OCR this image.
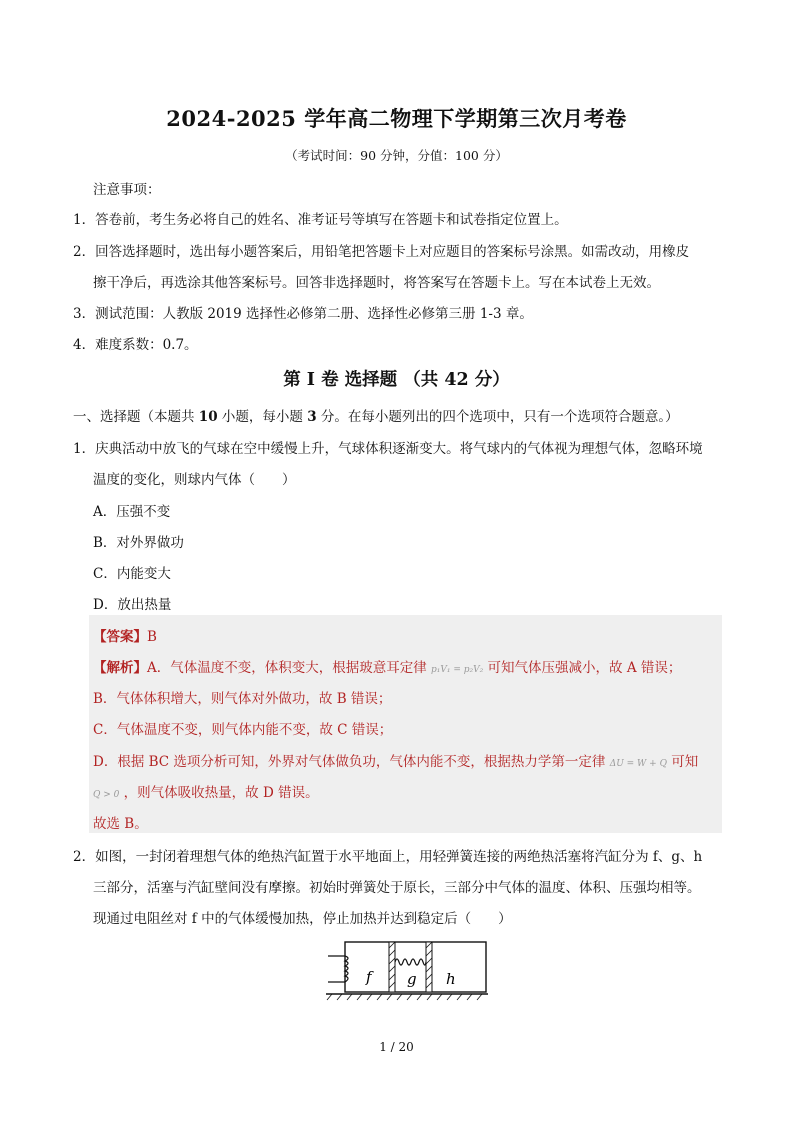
2024-2025 学年高二物理下学期第三次月考卷
（考试时间：90 分钟，分值：100 分）
注意事项：
1．答卷前，考生务必将自己的姓名、准考证号等填写在答题卡和试卷指定位置上。
2．回答选择题时，选出每小题答案后，用铅笔把答题卡上对应题目的答案标号涂黑。如需改动，用橡皮
擦干净后，再选涂其他答案标号。回答非选择题时，将答案写在答题卡上。写在本试卷上无效。
3．测试范围：人教版 2019 选择性必修第二册、选择性必修第三册 1-3 章。
4．难度系数：0.7。
第 I 卷 选择题 （共 42 分）
一、选择题（本题共 10 小题，每小题 3 分。在每小题列出的四个选项中，只有一个选项符合题意。）
1．庆典活动中放飞的气球在空中缓慢上升，气球体积逐渐变大。将气球内的气体视为理想气体，忽略环境
温度的变化，则球内气体（　　）
A．压强不变
B．对外界做功
C．内能变大
D．放出热量
【答案】B
【解析】A．气体温度不变，体积变大，根据玻意耳定律 p₁V₁ = p₂V₂ 可知气体压强减小，故 A 错误；
B．气体体积增大，则气体对外做功，故 B 错误；
C．气体温度不变，则气体内能不变，故 C 错误；
D．根据 BC 选项分析可知，外界对气体做负功，气体内能不变，根据热力学第一定律 ΔU = W + Q 可知
Q > 0 ，则气体吸收热量，故 D 错误。
故选 B。
2．如图，一封闭着理想气体的绝热汽缸置于水平地面上，用轻弹簧连接的两绝热活塞将汽缸分为 f、g、h
三部分，活塞与汽缸壁间没有摩擦。初始时弹簧处于原长，三部分中气体的温度、体积、压强均相等。
现通过电阻丝对 f 中的气体缓慢加热，停止加热并达到稳定后（　　）
f g h
1 / 20
